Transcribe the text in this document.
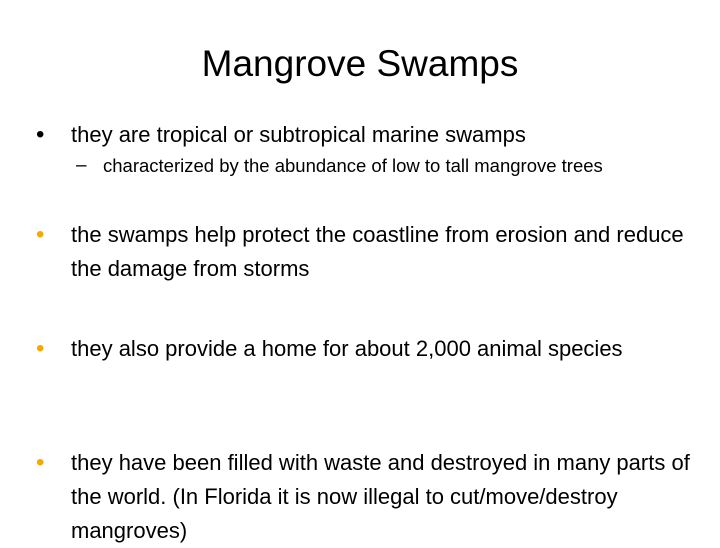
Mangrove Swamps
• they are tropical or subtropical marine swamps
– characterized by the abundance of low to tall mangrove trees
• the swamps help protect the coastline from erosion and reduce the damage from storms
• they also provide a home for about 2,000 animal species
• they have been filled with waste and destroyed in many parts of the world. (In Florida it is now illegal to cut/move/destroy mangroves)
